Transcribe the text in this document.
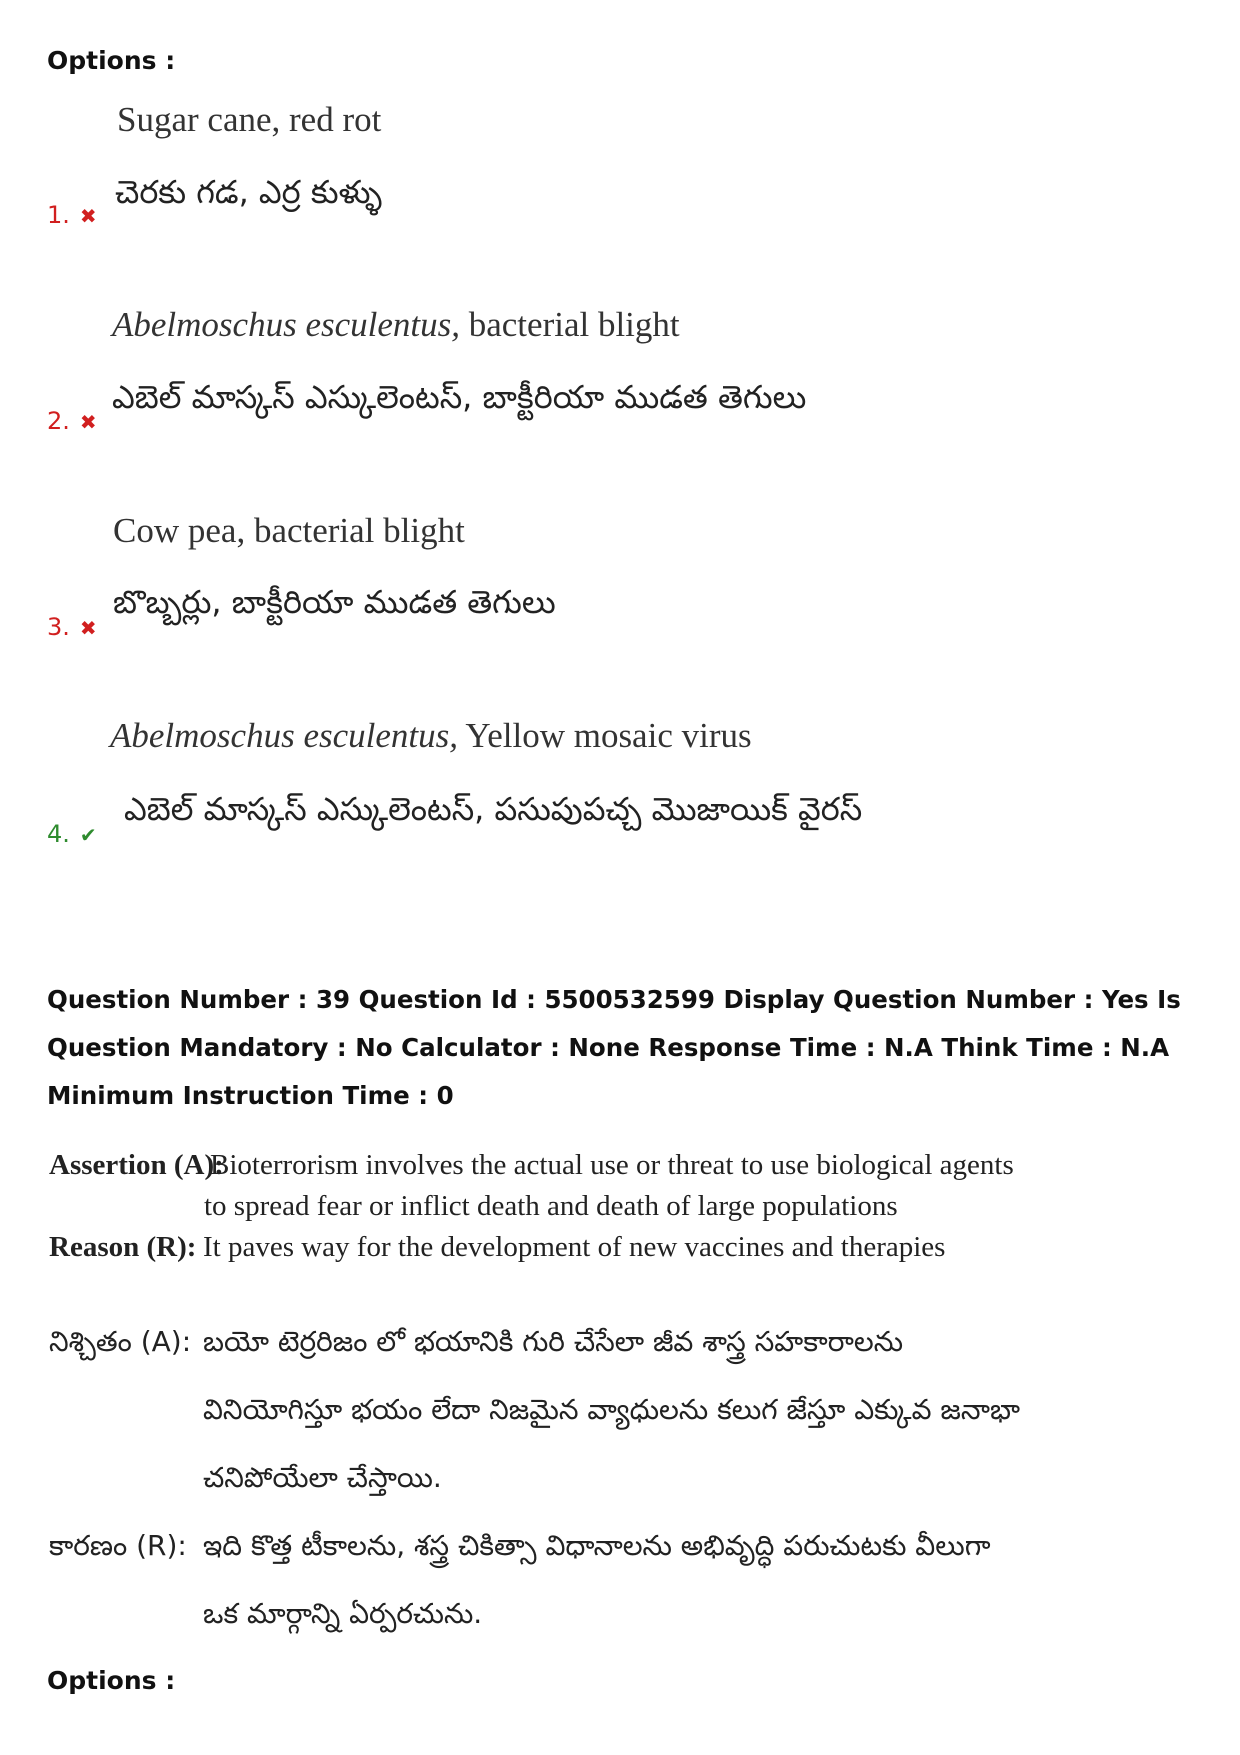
Options :
Sugar cane, red rot
చెరకు గడ, ఎర్ర కుళ్ళు
1. ✖
Abelmoschus esculentus, bacterial blight
ఎబెల్ మాస్కస్ ఎస్కులెంటస్, బాక్టీరియా ముడత తెగులు
2. ✖
Cow pea, bacterial blight
బొబ్బర్లు, బాక్టీరియా ముడత తెగులు
3. ✖
Abelmoschus esculentus, Yellow mosaic virus
ఎబెల్ మాస్కస్ ఎస్కులెంటస్, పసుపుపచ్చ మొజాయిక్ వైరస్
4. ✔
Question Number : 39 Question Id : 5500532599 Display Question Number : Yes Is Question Mandatory : No Calculator : None Response Time : N.A Think Time : N.A Minimum Instruction Time : 0
Assertion (A):
Bioterrorism involves the actual use or threat to use biological agents
to spread fear or inflict death and death of large populations
Reason (R): It paves way for the development of new vaccines and therapies
నిశ్చితం (A): బయో టెర్రరిజం లో భయానికి గురి చేసేలా జీవ శాస్త్ర సహకారాలను
వినియోగిస్తూ భయం లేదా నిజమైన వ్యాధులను కలుగ జేస్తూ ఎక్కువ జనాభా
చనిపోయేలా చేస్తాయి.
కారణం (R): ఇది కొత్త టీకాలను, శస్త్ర చికిత్సా విధానాలను అభివృద్ధి పరుచుటకు వీలుగా
ఒక మార్గాన్ని ఏర్పరచును.
Options :
